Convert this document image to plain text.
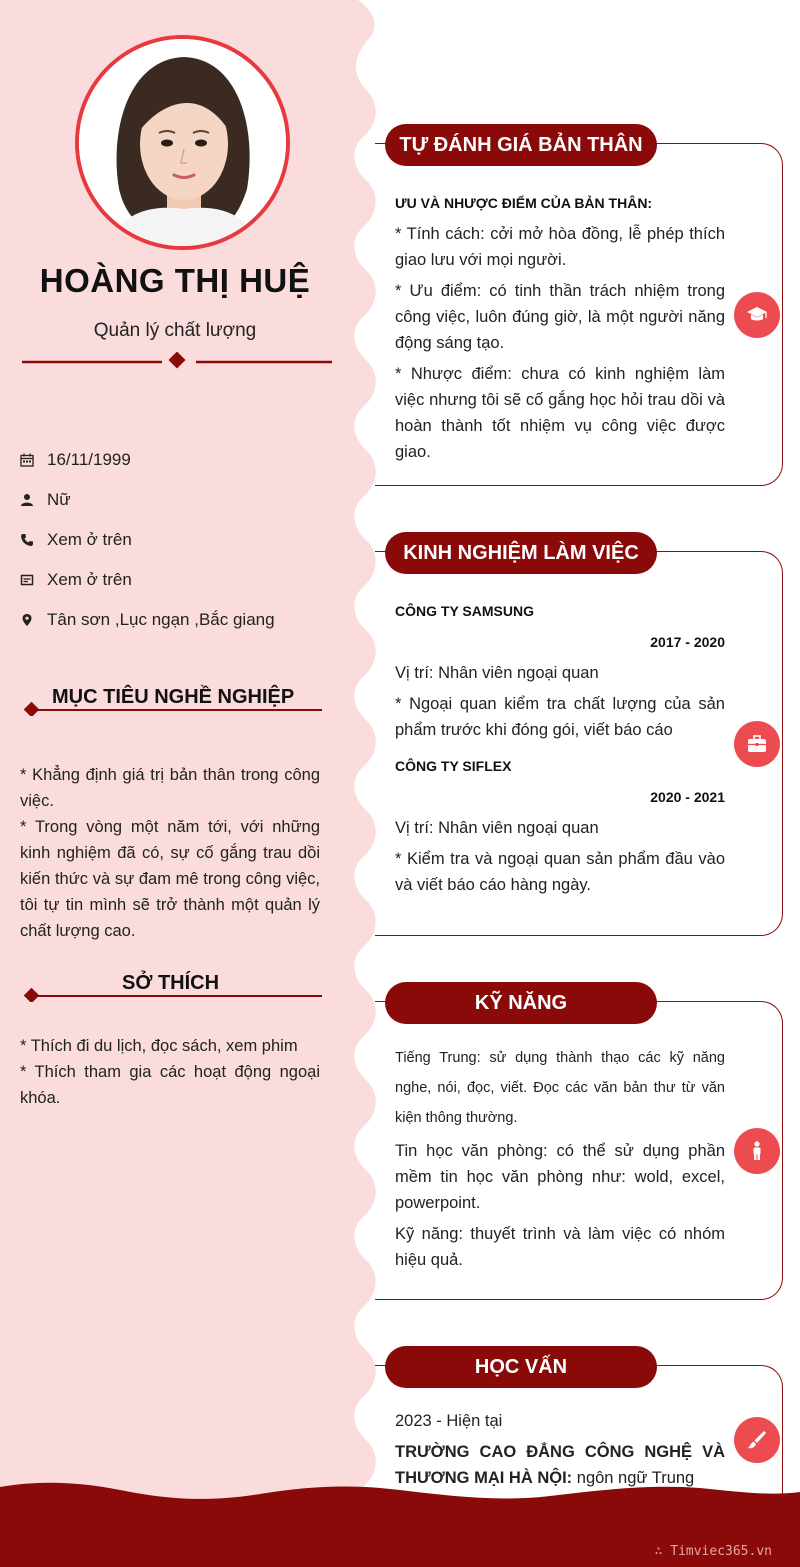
HOÀNG THỊ HUỆ
Quản lý chất lượng
16/11/1999
Nữ
Xem ở trên
Xem ở trên
Tân sơn ,Lục ngạn ,Bắc giang
MỤC TIÊU NGHỀ NGHIỆP

* Khẳng định giá trị bản thân trong công việc.

* Trong vòng một năm tới, với những kinh nghiệm đã có, sự cố gắng trau dồi kiến thức và sự đam mê trong công việc, tôi tự tin mình sẽ trở thành một quản lý chất lượng cao.

SỞ THÍCH

* Thích đi du lịch, đọc sách, xem phim

* Thích tham gia các hoạt động ngoại khóa.

TỰ ĐÁNH GIÁ BẢN THÂN

ƯU VÀ NHƯỢC ĐIỂM CỦA BẢN THÂN:

* Tính cách: cởi mở hòa đồng, lễ phép thích giao lưu với mọi người.

* Ưu điểm: có tinh thần trách nhiệm trong công việc, luôn đúng giờ, là một người năng động sáng tạo.

* Nhược điểm: chưa có kinh nghiệm làm việc nhưng tôi sẽ cố gắng học hỏi trau dồi và hoàn thành tốt nhiệm vụ công việc được giao.

KINH NGHIỆM LÀM VIỆC

CÔNG TY SAMSUNG

2017 - 2020

Vị trí: Nhân viên ngoại quan

* Ngoại quan kiểm tra chất lượng của sản phẩm trước khi đóng gói, viết báo cáo

CÔNG TY SIFLEX

2020 - 2021

Vị trí: Nhân viên ngoại quan

* Kiểm tra và ngoại quan sản phẩm đầu vào và viết báo cáo hàng ngày.

KỸ NĂNG

Tiếng Trung: sử dụng thành thạo các kỹ năng nghe, nói, đọc, viết. Đọc các văn bản thư từ văn kiện thông thường.

Tin học văn phòng: có thể sử dụng phần mềm tin học văn phòng như: wold, excel, powerpoint.

Kỹ năng: thuyết trình và làm việc có nhóm hiệu quả.

HỌC VẤN

2023 - Hiện tại

TRƯỜNG CAO ĐẲNG CÔNG NGHỆ VÀ THƯƠNG MẠI HÀ NỘI: ngôn ngữ Trung

∴ Timviec365.vn
